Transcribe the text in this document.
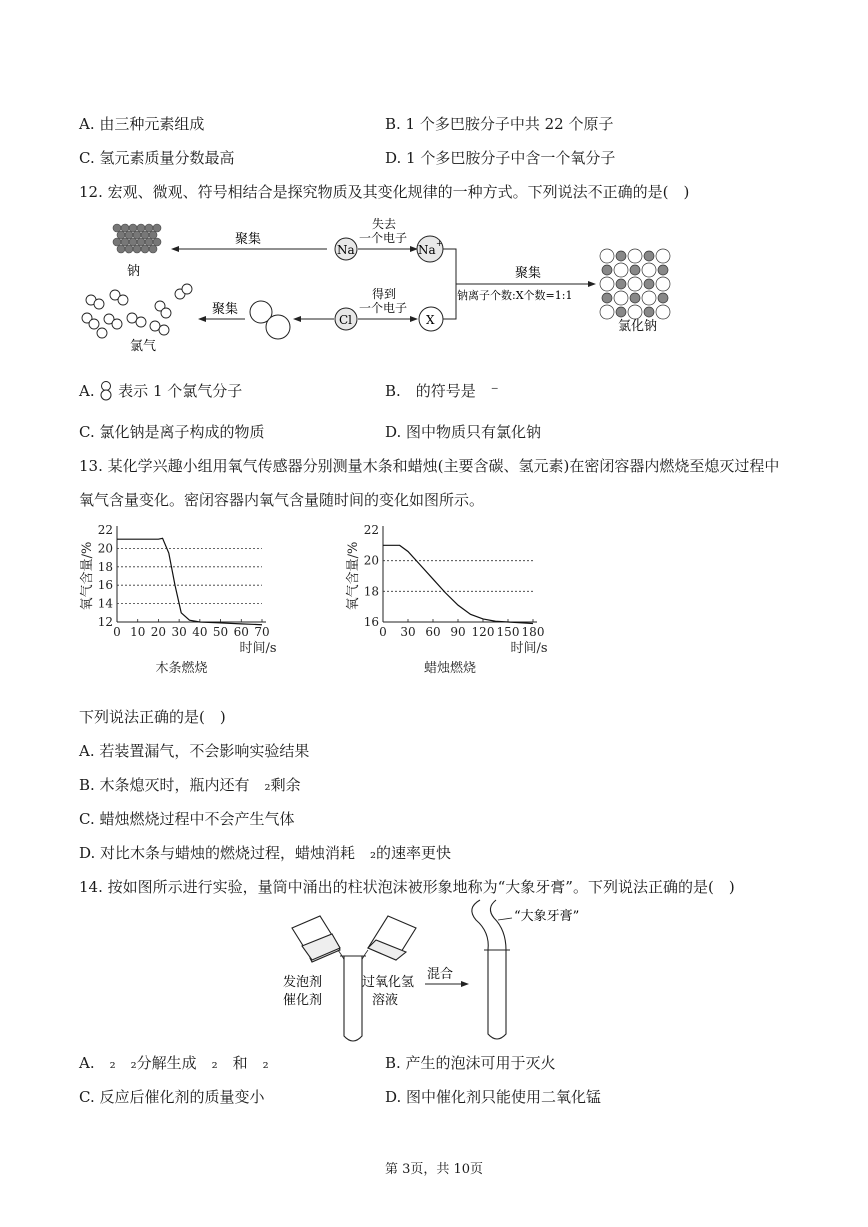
A. 由三种元素组成	B. 1 个多巴胺分子中共 22 个原子
C. 氢元素质量分数最高	D. 1 个多巴胺分子中含一个氧分子
12. 宏观、微观、符号相结合是探究物质及其变化规律的一种方式。下列说法不正确的是(　)
钠
聚集
Na
失去
一个电子
Na +
聚集
钠离子个数:X个数=1:1
氯化钠
氯气
聚集
Cl
得到
一个电子
X
A. 表示 1 个氯气分子	B.　的符号是　⁻
C. 氯化钠是离子构成的物质	D. 图中物质只有氯化钠
13. 某化学兴趣小组用氧气传感器分别测量木条和蜡烛(主要含碳、氢元素)在密闭容器内燃烧至熄灭过程中
氧气含量变化。密闭容器内氧气含量随时间的变化如图所示。
12
14
16
18
20
22
0 10 20 30 40 50 60 70
氧气含量/%
时间/s
木条燃烧
16
18
20
22
0 30 60 90 120 150 180
氧气含量/%
时间/s
蜡烛燃烧
下列说法正确的是(　)
A. 若装置漏气，不会影响实验结果
B. 木条熄灭时，瓶内还有　₂剩余
C. 蜡烛燃烧过程中不会产生气体
D. 对比木条与蜡烛的燃烧过程，蜡烛消耗　₂的速率更快
14. 按如图所示进行实验，量筒中涌出的柱状泡沫被形象地称为“大象牙膏”。下列说法正确的是(　)
发泡剂
催化剂
过氧化氢
溶液
混合
“大象牙膏”
A.　₂　₂分解生成　₂　和　₂	B. 产生的泡沫可用于灭火
C. 反应后催化剂的质量变小	D. 图中催化剂只能使用二氧化锰
第 3页，共 10页
